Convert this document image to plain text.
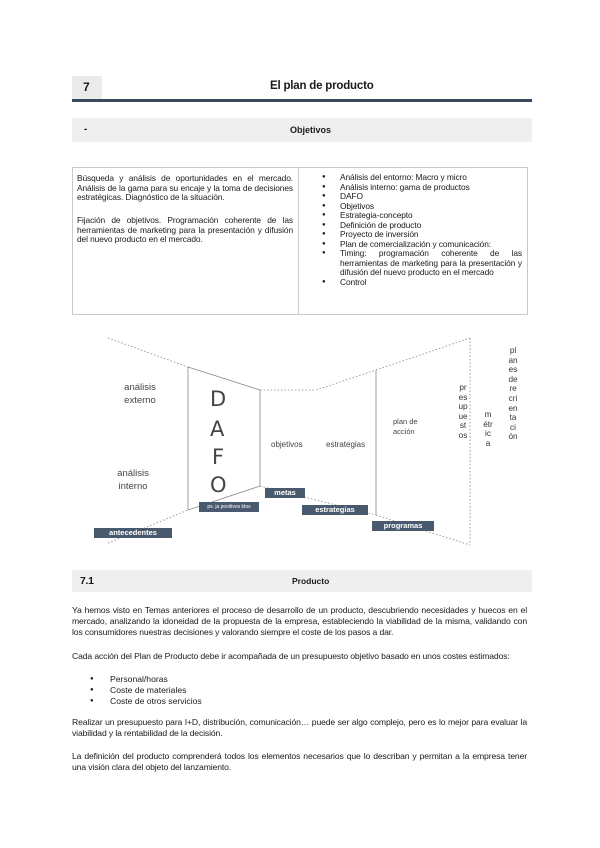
7	El plan de producto
-	Objetivos
Búsqueda y análisis de oportunidades en el mercado. Análisis de la gama para su encaje y la toma de decisiones estratégicas. Diagnóstico de la situación.
Fijación de objetivos. Programación coherente de las herramientas de marketing para la presentación y difusión del nuevo producto en el mercado.
● Análisis del entorno: Macro y micro
● Análisis interno: gama de productos
● DAFO
● Objetivos
● Estrategia-concepto
● Definición de producto
● Proyecto de inversión
● Plan de comercialización y comunicación:
● Timing: programación coherente de las herramientas de marketing para la presentación y difusión del nuevo producto en el mercado
● Control
análisis externo
análisis interno
D
A
F
O
objetivos	estrategias
plan de acción
presupuestos
métrica
planesderecrientación
antecedentes
ps. ja positivos ktos
metas
estrategias
programas
7.1	Producto
Ya hemos visto en Temas anteriores el proceso de desarrollo de un producto, descubriendo necesidades y huecos en el mercado, analizando la idoneidad de la propuesta de la empresa, estableciendo la viabilidad de la misma, validando con los consumidores nuestras decisiones y valorando siempre el coste de los pasos a dar.
Cada acción del Plan de Producto debe ir acompañada de un presupuesto objetivo basado en unos costes estimados:
● Personal/horas
● Coste de materiales
● Coste de otros servicios
Realizar un presupuesto para I+D, distribución, comunicación… puede ser algo complejo, pero es lo mejor para evaluar la viabilidad y la rentabilidad de la decisión.
La definición del producto comprenderá todos los elementos necesarios que lo describan y permitan a la empresa tener una visión clara del objeto del lanzamiento.
